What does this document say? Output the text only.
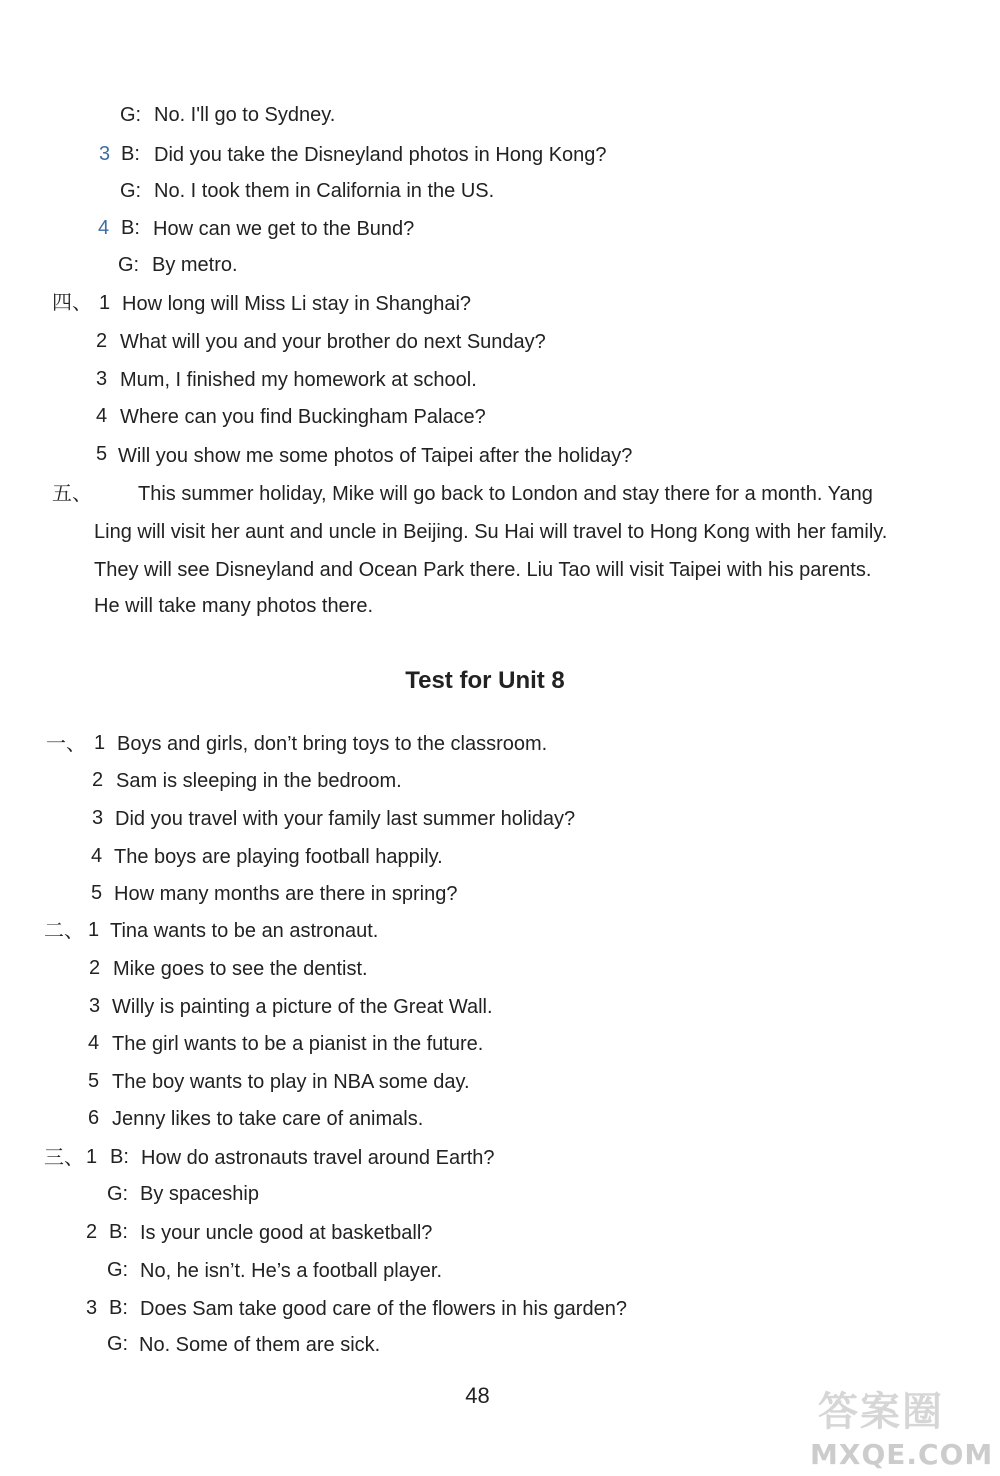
G: No. I'll go to Sydney.
3 B: Did you take the Disneyland photos in Hong Kong?
G: No. I took them in California in the US.
4 B: How can we get to the Bund?
G: By metro.
四、 1 How long will Miss Li stay in Shanghai?
2 What will you and your brother do next Sunday?
3 Mum, I finished my homework at school.
4 Where can you find Buckingham Palace?
5 Will you show me some photos of Taipei after the holiday?
五、 This summer holiday, Mike will go back to London and stay there for a month. Yang
Ling will visit her aunt and uncle in Beijing. Su Hai will travel to Hong Kong with her family.
They will see Disneyland and Ocean Park there. Liu Tao will visit Taipei with his parents.
He will take many photos there.
Test for Unit 8
一、 1 Boys and girls, don’t bring toys to the classroom.
2 Sam is sleeping in the bedroom.
3 Did you travel with your family last summer holiday?
4 The boys are playing football happily.
5 How many months are there in spring?
二、 1 Tina wants to be an astronaut.
2 Mike goes to see the dentist.
3 Willy is painting a picture of the Great Wall.
4 The girl wants to be a pianist in the future.
5 The boy wants to play in NBA some day.
6 Jenny likes to take care of animals.
三、 1 B: How do astronauts travel around Earth?
G: By spaceship
2 B: Is your uncle good at basketball?
G: No, he isn’t. He’s a football player.
3 B: Does Sam take good care of the flowers in his garden?
G: No. Some of them are sick.
48	答案圈
MXQE.COM
